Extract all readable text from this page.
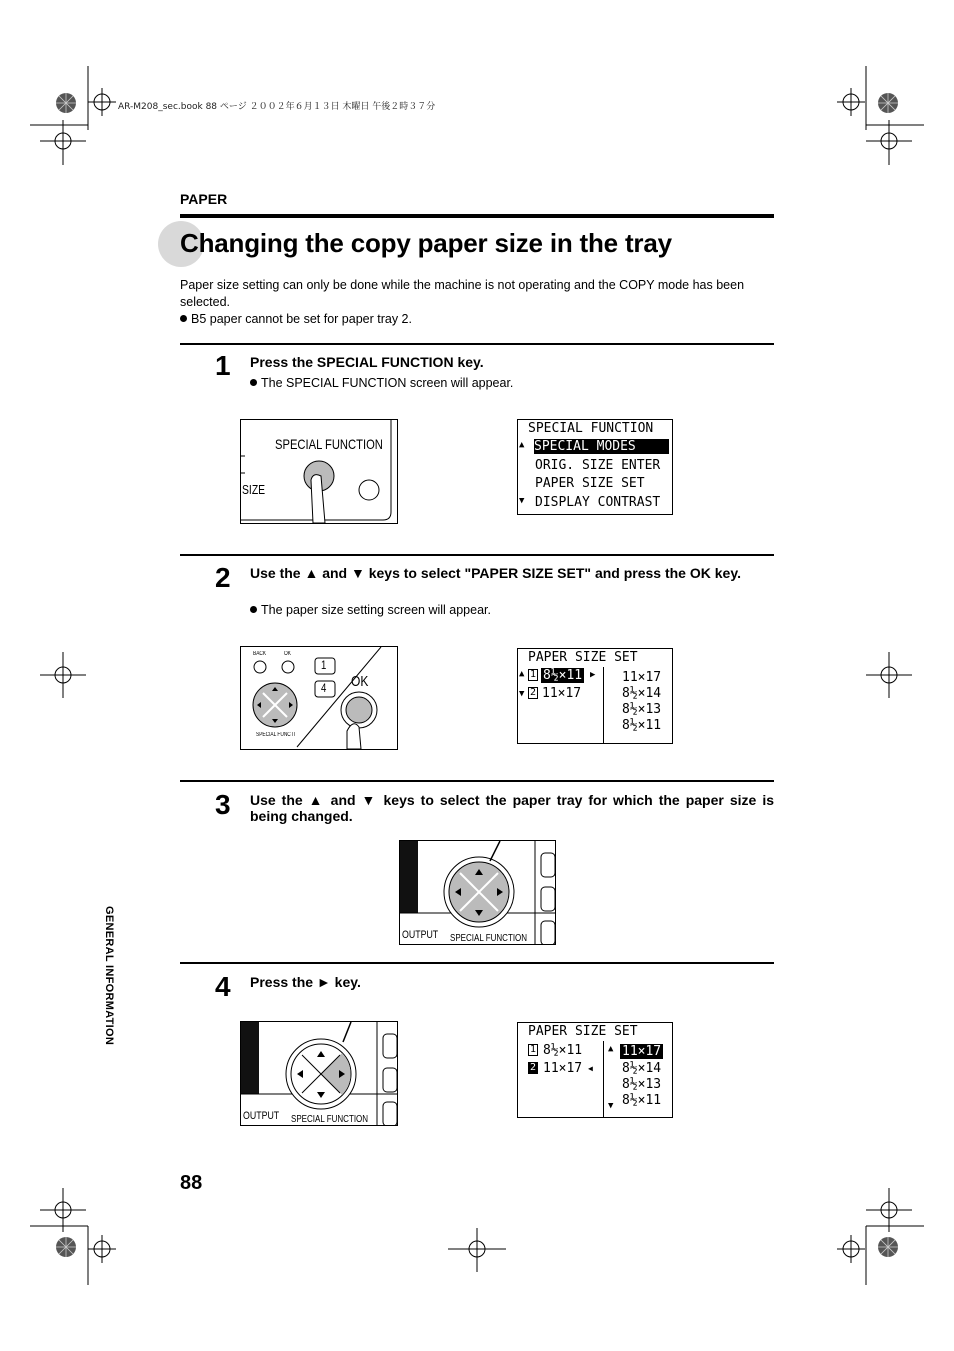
AR-M208_sec.book 88 ページ ２００２年６月１３日 木曜日 午後２時３７分
PAPER
Changing the copy paper size in the tray
Paper size setting can only be done while the machine is not operating and the COPY mode has been selected.
B5 paper cannot be set for paper tray 2.
1 Press the SPECIAL FUNCTION key.
The SPECIAL FUNCTION screen will appear.
SPECIAL FUNCTION
SIZE
SPECIAL FUNCTION
▲ SPECIAL MODES
ORIG. SIZE ENTER
PAPER SIZE SET
▼ DISPLAY CONTRAST
2 Use the ▲ and ▼ keys to select "PAPER SIZE SET" and press the OK key.
The paper size setting screen will appear.
BACK	OK
1
4 OK
SPECIAL FUNCTI
PAPER SIZE SET
▲ 1 8½×11 ▶
▼ 2 11×17
11×17
8½×14
8½×13
8½×11
3 Use the ▲ and ▼ keys to select the paper tray for which the paper size is being changed.
OUTPUT SPECIAL FUNCTION
4 Press the ► key.
OUTPUT SPECIAL FUNCTION
PAPER SIZE SET
1 8½×11
2 11×17 ◀
▲ 11×17
8½×14
8½×13
▼ 8½×11
GENERAL INFORMATION
88
